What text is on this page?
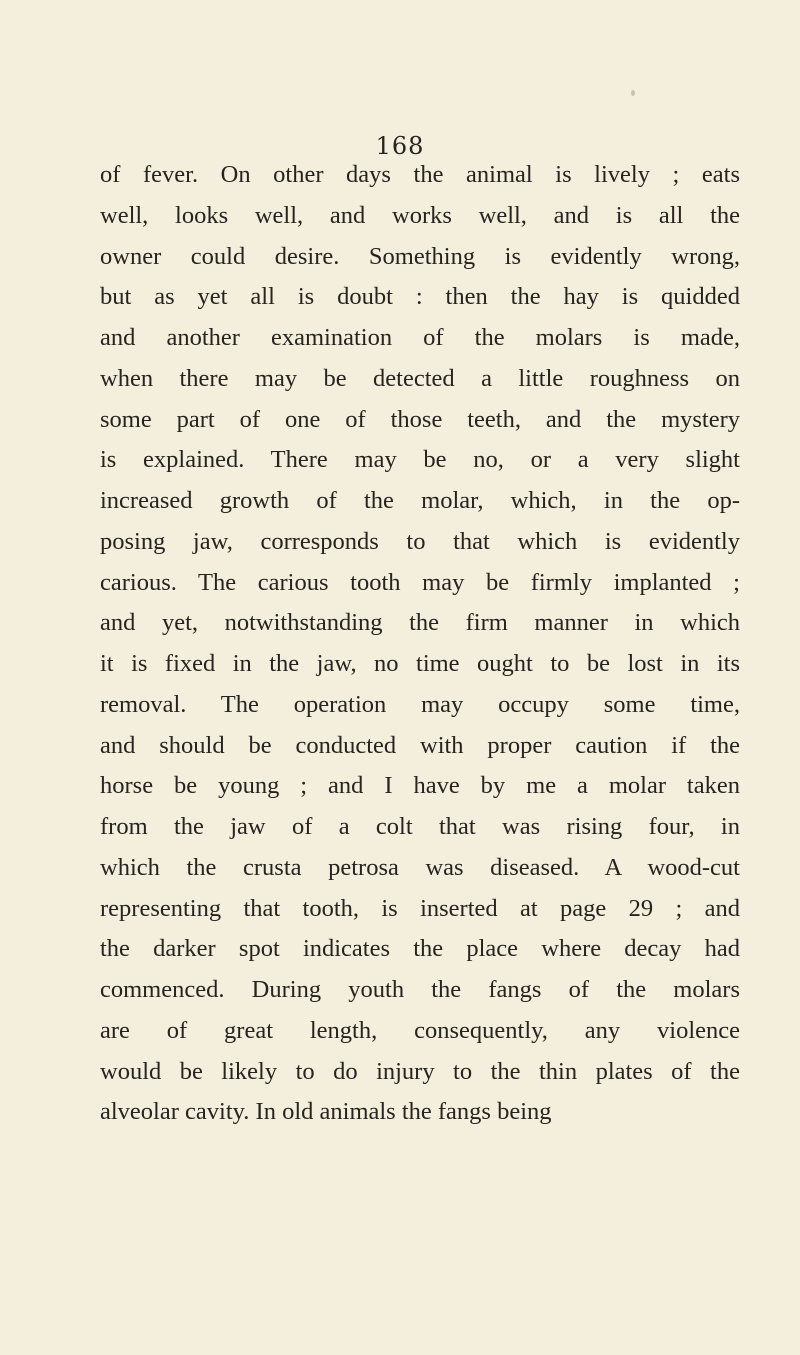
168
of fever. On other days the animal is lively ; eats
well, looks well, and works well, and is all the
owner could desire. Something is evidently wrong,
but as yet all is doubt : then the hay is quidded
and another examination of the molars is made,
when there may be detected a little roughness on
some part of one of those teeth, and the mystery
is explained. There may be no, or a very slight
increased growth of the molar, which, in the op-
posing jaw, corresponds to that which is evidently
carious. The carious tooth may be firmly implanted ;
and yet, notwithstanding the firm manner in which
it is fixed in the jaw, no time ought to be lost in its
removal. The operation may occupy some time,
and should be conducted with proper caution if the
horse be young ; and I have by me a molar taken
from the jaw of a colt that was rising four, in
which the crusta petrosa was diseased. A wood-cut
representing that tooth, is inserted at page 29 ; and
the darker spot indicates the place where decay had
commenced. During youth the fangs of the molars
are of great length, consequently, any violence
would be likely to do injury to the thin plates of the
alveolar cavity. In old animals the fangs being
